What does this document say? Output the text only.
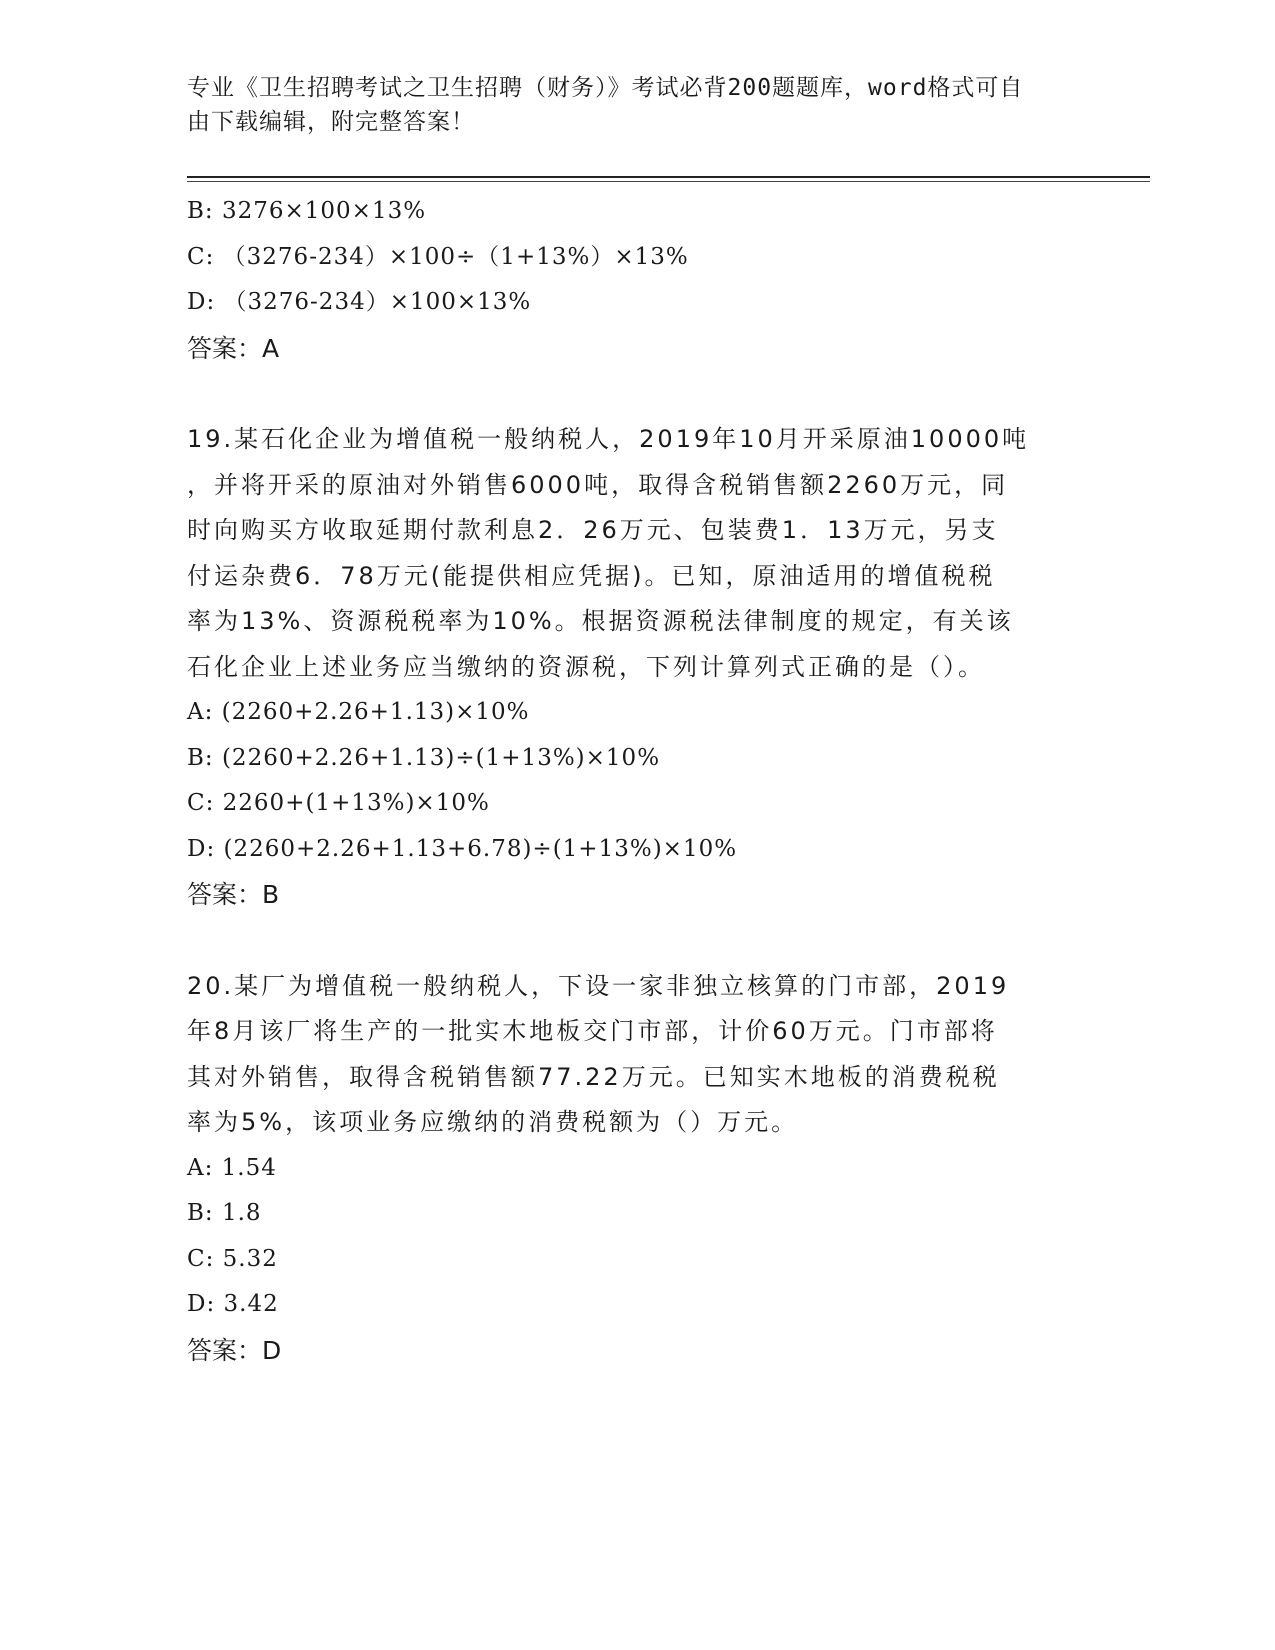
专业《卫生招聘考试之卫生招聘（财务）》考试必背200题题库，word格式可自
由下载编辑，附完整答案！
B: 3276×100×13%
C: （3276-234）×100÷（1+13%）×13%
D: （3276-234）×100×13%
答案：A
19.某石化企业为增值税一般纳税人，2019年10月开采原油10000吨
，并将开采的原油对外销售6000吨，取得含税销售额2260万元，同
时向购买方收取延期付款利息2．26万元、包装费1．13万元，另支
付运杂费6．78万元(能提供相应凭据)。已知，原油适用的增值税税
率为13%、资源税税率为10%。根据资源税法律制度的规定，有关该
石化企业上述业务应当缴纳的资源税，下列计算列式正确的是（）。
A: (2260+2.26+1.13)×10%
B: (2260+2.26+1.13)÷(1+13%)×10%
C: 2260+(1+13%)×10%
D: (2260+2.26+1.13+6.78)÷(1+13%)×10%
答案：B
20.某厂为增值税一般纳税人，下设一家非独立核算的门市部，2019
年8月该厂将生产的一批实木地板交门市部，计价60万元。门市部将
其对外销售，取得含税销售额77.22万元。已知实木地板的消费税税
率为5%，该项业务应缴纳的消费税额为（）万元。
A: 1.54
B: 1.8
C: 5.32
D: 3.42
答案：D
